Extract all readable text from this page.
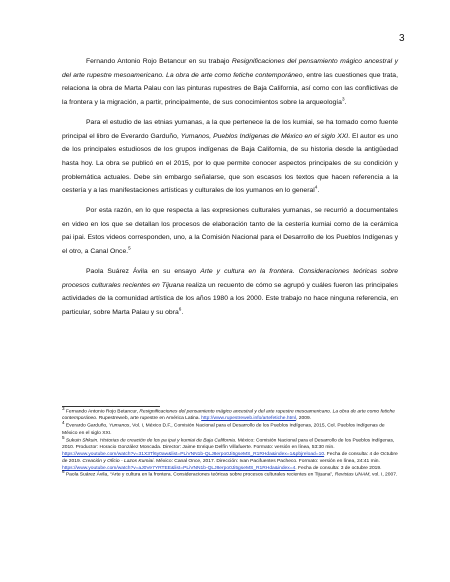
3

Fernando Antonio Rojo Betancur en su trabajo Resignificaciones del pensamiento mágico ancestral y del arte rupestre mesoamericano. La obra de arte como fetiche contemporáneo, entre las cuestiones que trata, relaciona la obra de Marta Palau con las pinturas rupestres de Baja California, así como con las conflictivas de la frontera y la migración, a partir, principalmente, de sus conocimientos sobre la arqueología$^3$.

Para el estudio de las etnias yumanas, a la que pertenece la de los kumiai, se ha tomado como fuente principal el libro de Everardo Garduño, Yumanos, Pueblos Indígenas de México en el siglo XXI. El autor es uno de los principales estudiosos de los grupos indígenas de Baja California, de su historia desde la antigüedad hasta hoy. La obra se publicó en el 2015, por lo que permite conocer aspectos principales de su condición y problemática actuales. Debe sin embargo señalarse, que son escasos los textos que hacen referencia a la cestería y a las manifestaciones artísticas y culturales de los yumanos en lo general$^4$.

Por esta razón, en lo que respecta a las expresiones culturales yumanas, se recurrió a documentales en video en los que se detallan los procesos de elaboración tanto de la cestería kumiai como de la cerámica pai ipai. Estos videos corresponden, uno, a la Comisión Nacional para el Desarrollo de los Pueblos Indígenas y el otro, a Canal Once.$^5$

Paola Suárez Ávila en su ensayo Arte y cultura en la frontera. Consideraciones teóricas sobre procesos culturales recientes en Tijuana realiza un recuento de cómo se agrupó y cuáles fueron las principales actividades de la comunidad artística de los años 1980 a los 2000. Este trabajo no hace ninguna referencia, en particular, sobre Marta Palau y su obra$^6$.

$^3$ Fernando Antonio Rojo Betancur, Resignificaciones del pensamiento mágico ancestral y del arte rupestre mesoamericano. La obra de arte como fetiche contemporáneo. Rupestreweb, arte rupestre en América Latina. http://www.rupestreweb.info/artefetiche.html, 2009.

$^4$ Everardo Garduño, Yumanos, Vol. I, México D.F., Comisión Nacional para el Desarrollo de los Pueblos Indígenas, 2015, Col. Pueblos Indígenas de México en el siglo XXI.

$^5$ Sukuin Shkuin. Historias de creación de los pa ipai y kumiai de Baja California. México: Comisión Nacional para el Desarrollo de los Pueblos Indígenas, 2010. Productor: Horacio González Moncada. Director: Jaime Enrique Delfín Villafuerte. Formato: versión en línea, 53:30 min. https://www.youtube.com/watch?v=31X3Tl6y0aw&list=PLiVNN1b-QLJ8erpo0Ji5gseMS_R1RHda&index=1&pbjreload=10. Fecha de consulta: 4 de Octubre de 2019. Creación y Oficio - Lazos Kumiai. México: Canal Once, 2017. Dirección: Ivan Pacifuentes Pacheco. Formato: versión en línea, 24:41 min. https://www.youtube.com/watch?v=aJ0Ve7YRTEE&list=PLiVNN1b-QLJ8erpo0Ji5gseMS_R1RHda&index=4. Fecha de consulta: 3 de octubre 2019.

$^6$ Paola Suárez Ávila, “Arte y cultura en la frontera. Consideraciones teóricas sobre procesos culturales recientes en Tijuana”, Revistas UNAM, vol. I, 2007.
